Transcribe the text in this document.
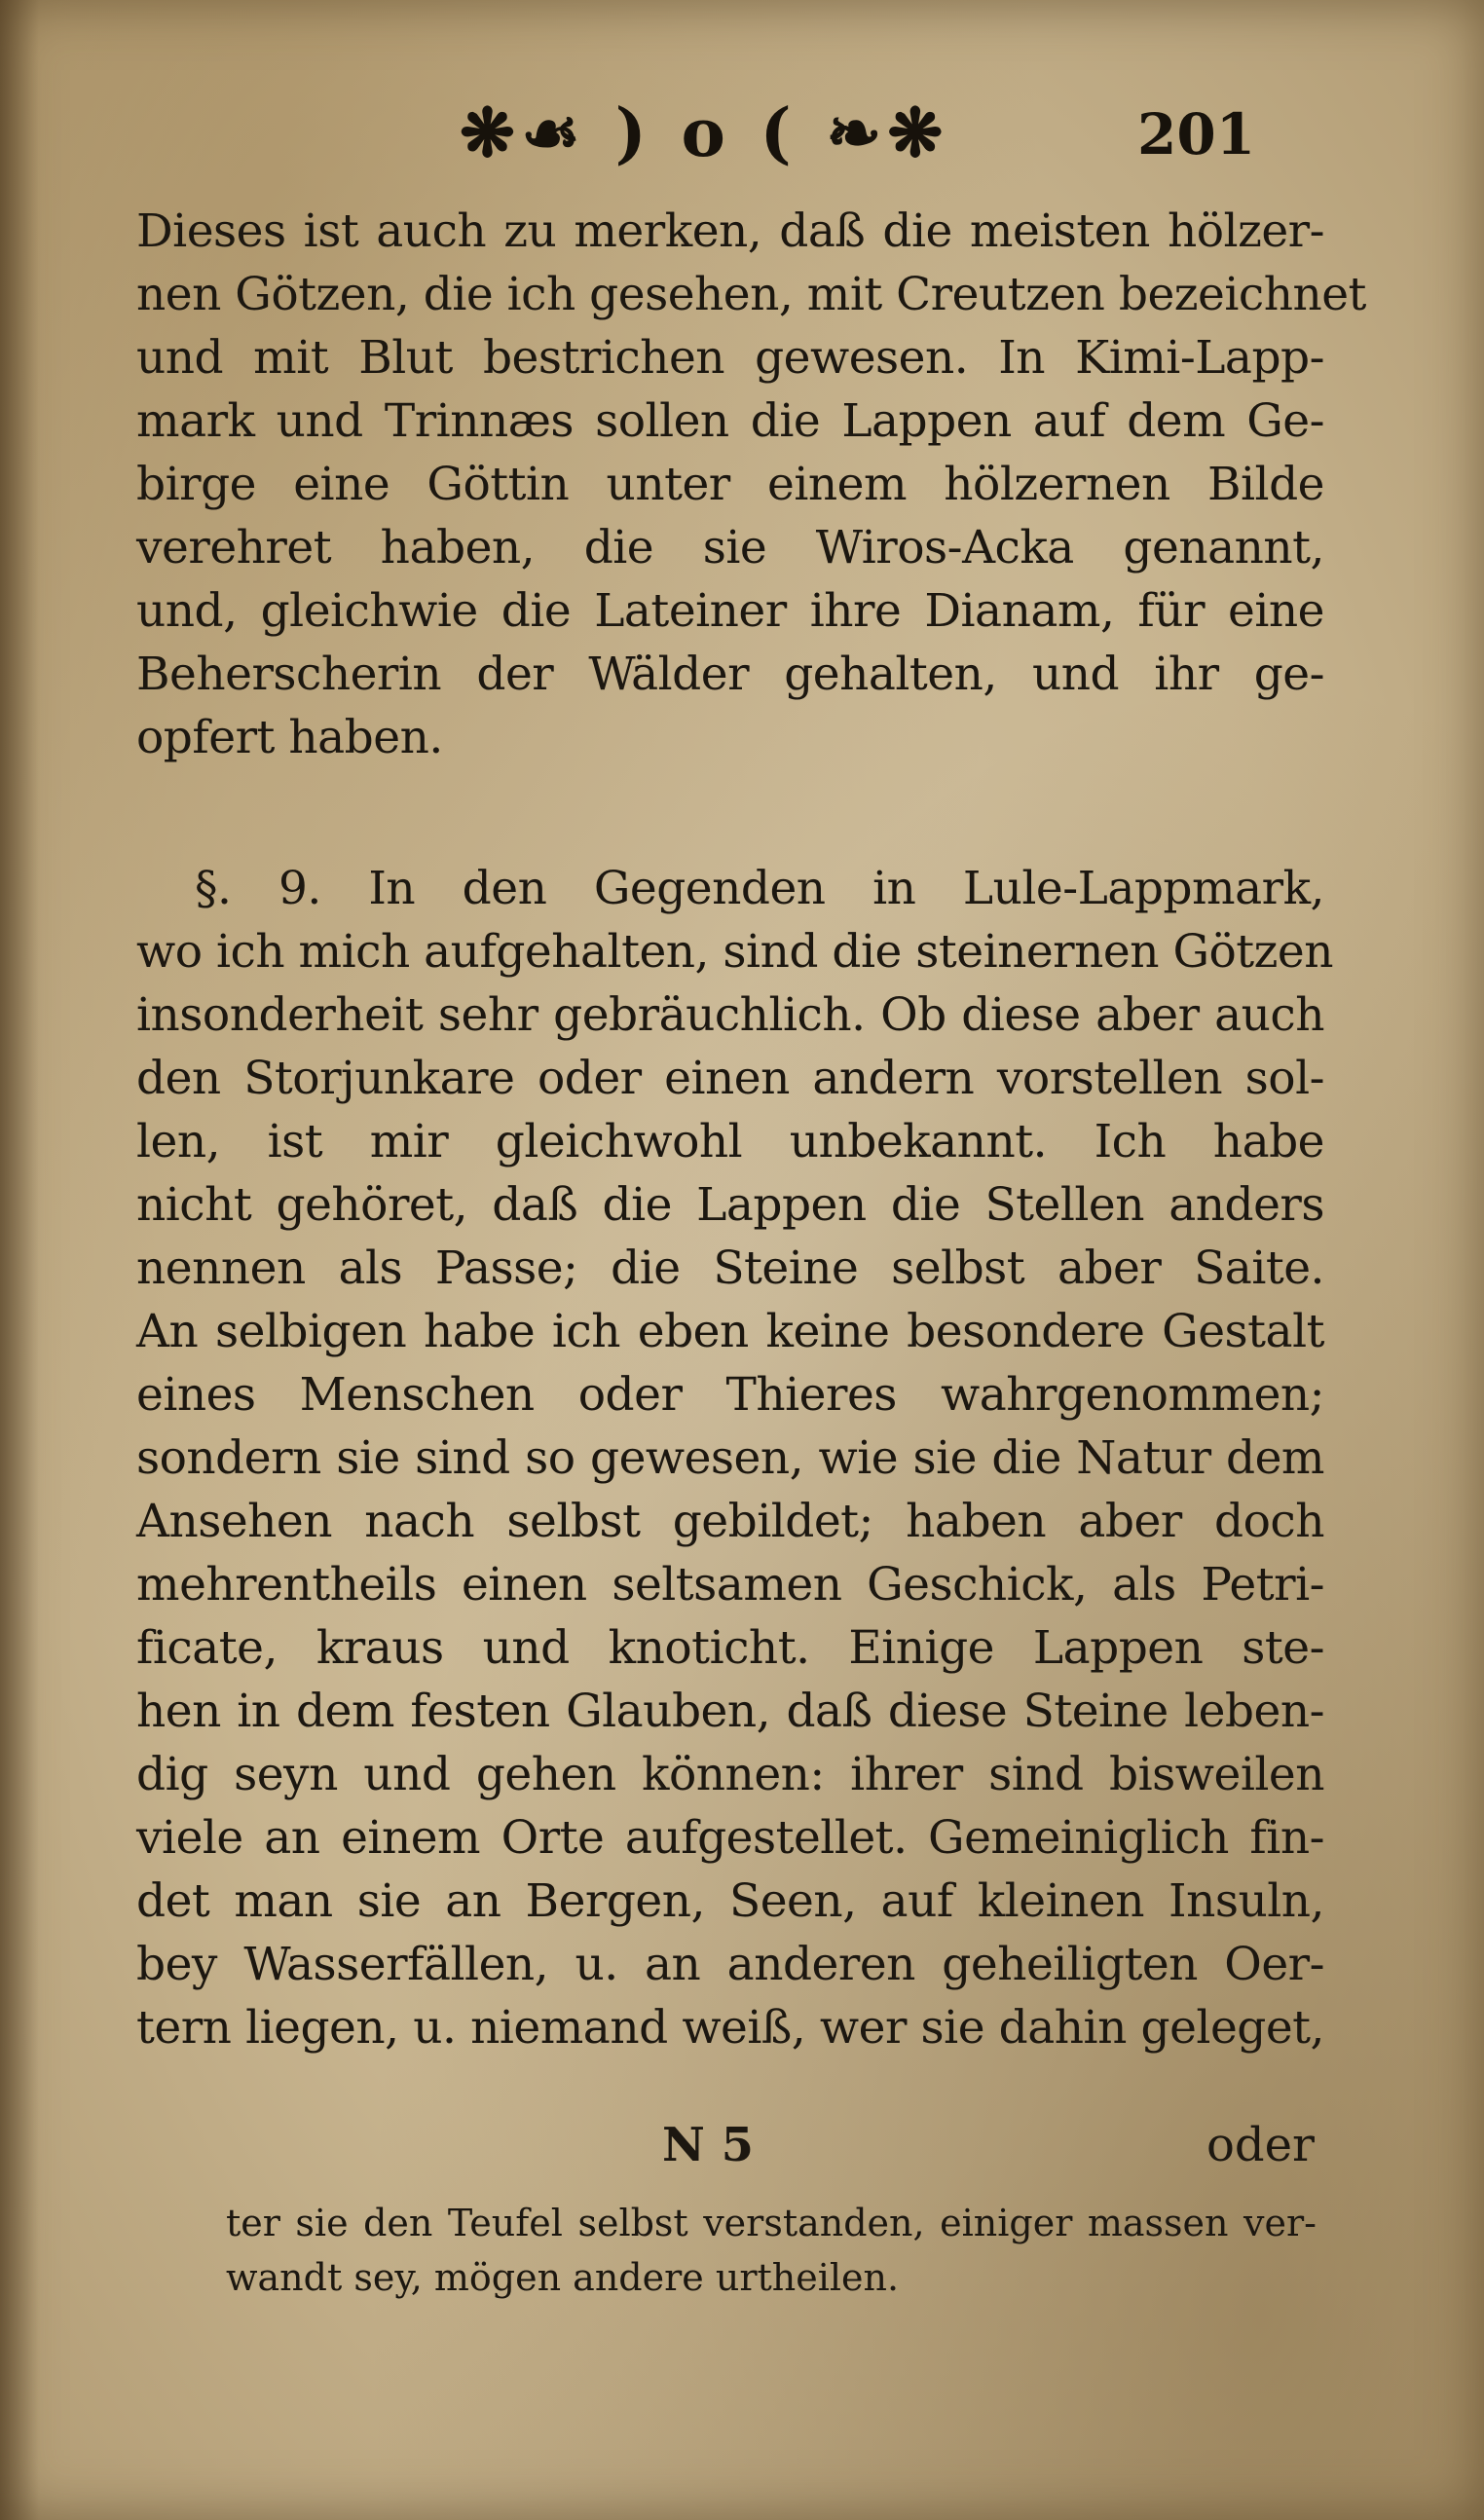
❋☙ ) o ( ❧❋	201
Dieses ist auch zu merken, daß die meisten hölzer-
nen Götzen, die ich gesehen, mit Creutzen bezeichnet
und mit Blut bestrichen gewesen. In Kimi-Lapp-
mark und Trinnæs sollen die Lappen auf dem Ge-
birge eine Göttin unter einem hölzernen Bilde
verehret haben, die sie Wiros-Acka genannt,
und, gleichwie die Lateiner ihre Dianam, für eine
Beherscherin der Wälder gehalten, und ihr ge-
opfert haben.
§. 9. In den Gegenden in Lule-Lappmark,
wo ich mich aufgehalten, sind die steinernen Götzen
insonderheit sehr gebräuchlich. Ob diese aber auch
den Storjunkare oder einen andern vorstellen sol-
len, ist mir gleichwohl unbekannt. Ich habe
nicht gehöret, daß die Lappen die Stellen anders
nennen als Passe; die Steine selbst aber Saite.
An selbigen habe ich eben keine besondere Gestalt
eines Menschen oder Thieres wahrgenommen;
sondern sie sind so gewesen, wie sie die Natur dem
Ansehen nach selbst gebildet; haben aber doch
mehrentheils einen seltsamen Geschick, als Petri-
ficate, kraus und knoticht. Einige Lappen ste-
hen in dem festen Glauben, daß diese Steine leben-
dig seyn und gehen können: ihrer sind bisweilen
viele an einem Orte aufgestellet. Gemeiniglich fin-
det man sie an Bergen, Seen, auf kleinen Insuln,
bey Wasserfällen, u. an anderen geheiligten Oer-
tern liegen, u. niemand weiß, wer sie dahin geleget,
N 5	oder
ter sie den Teufel selbst verstanden, einiger massen ver-
wandt sey, mögen andere urtheilen.
